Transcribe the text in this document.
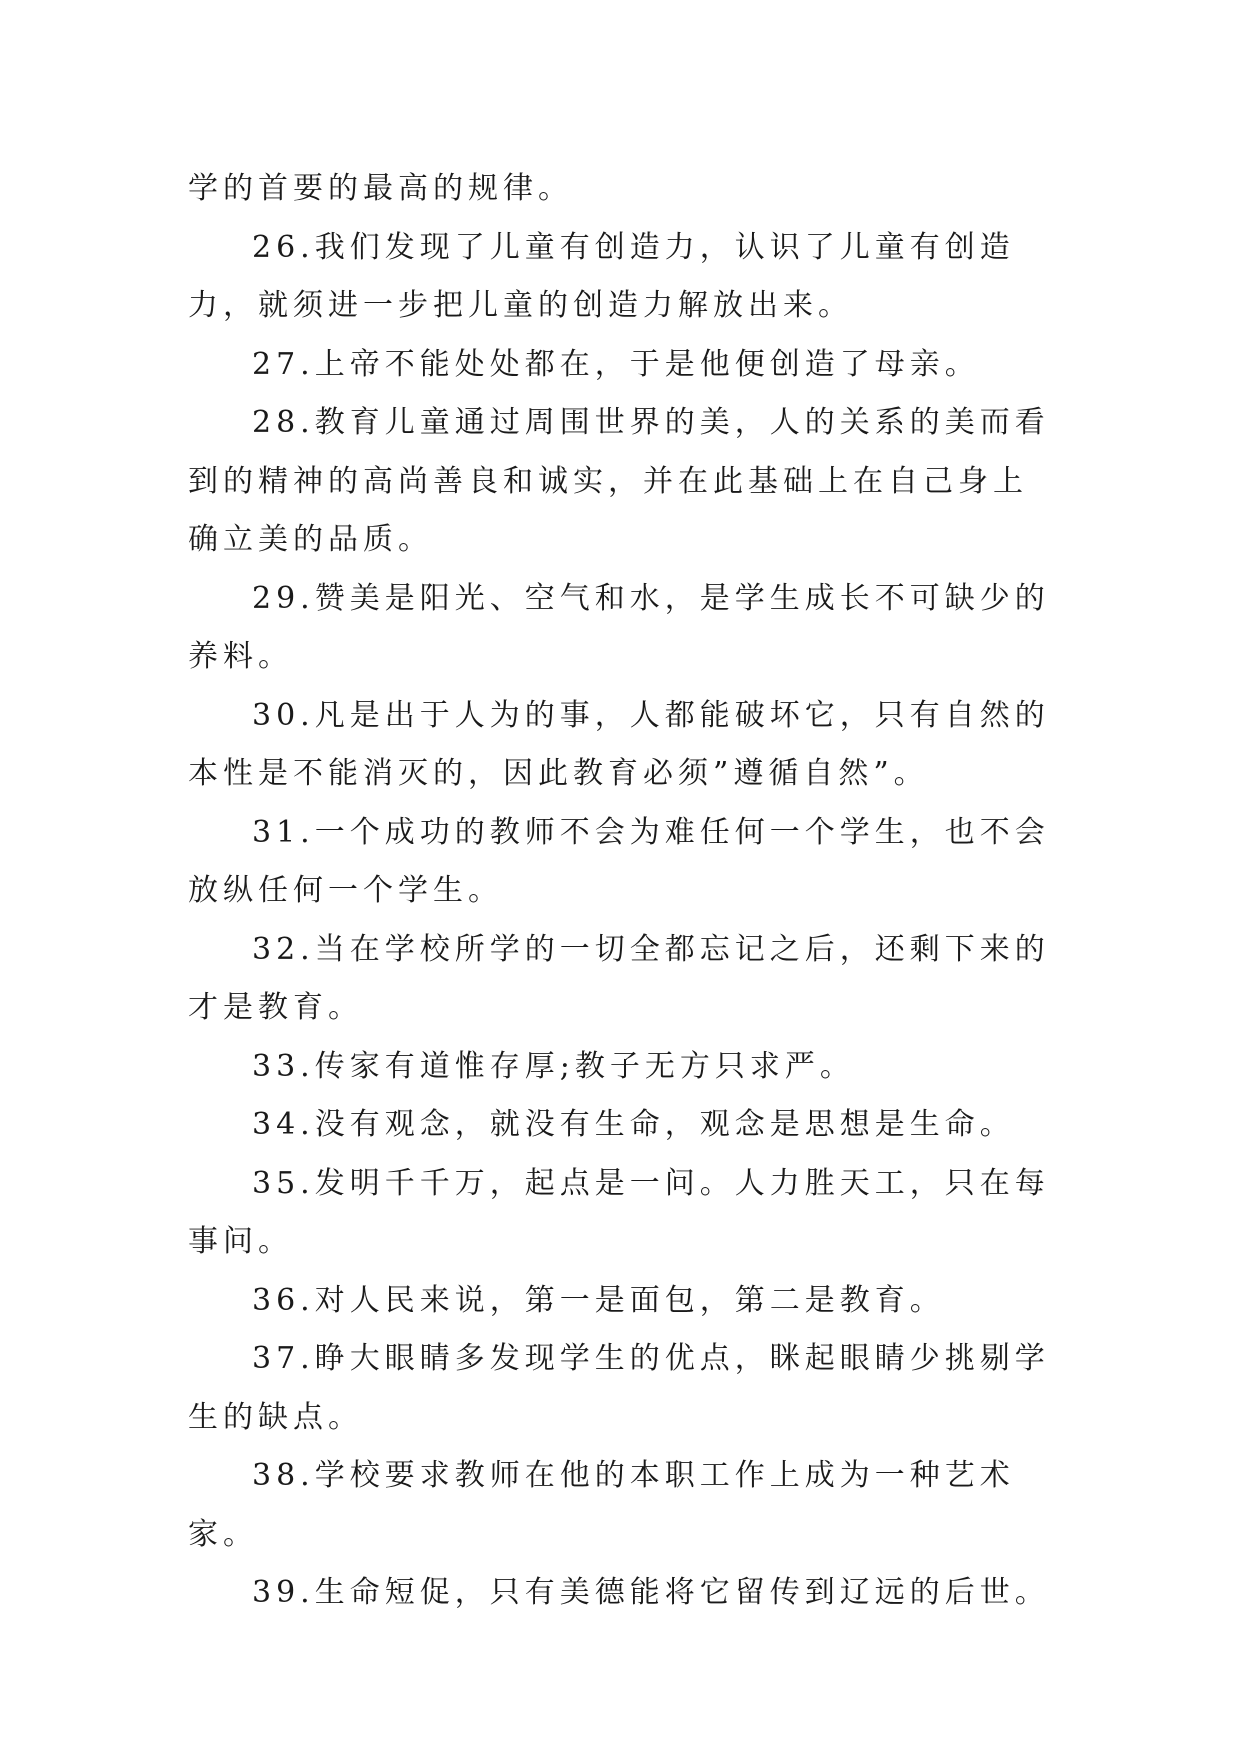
学的首要的最高的规律。

26.我们发现了儿童有创造力，认识了儿童有创造力，就须进一步把儿童的创造力解放出来。

27.上帝不能处处都在，于是他便创造了母亲。

28.教育儿童通过周围世界的美，人的关系的美而看到的精神的高尚善良和诚实，并在此基础上在自己身上确立美的品质。

29.赞美是阳光、空气和水，是学生成长不可缺少的养料。

30.凡是出于人为的事，人都能破坏它，只有自然的本性是不能消灭的，因此教育必须”遵循自然”。

31.一个成功的教师不会为难任何一个学生，也不会放纵任何一个学生。

32.当在学校所学的一切全都忘记之后，还剩下来的才是教育。

33.传家有道惟存厚;教子无方只求严。

34.没有观念，就没有生命，观念是思想是生命。

35.发明千千万，起点是一问。人力胜天工，只在每事问。

36.对人民来说，第一是面包，第二是教育。

37.睁大眼睛多发现学生的优点，眯起眼睛少挑剔学生的缺点。

38.学校要求教师在他的本职工作上成为一种艺术家。

39.生命短促，只有美德能将它留传到辽远的后世。
